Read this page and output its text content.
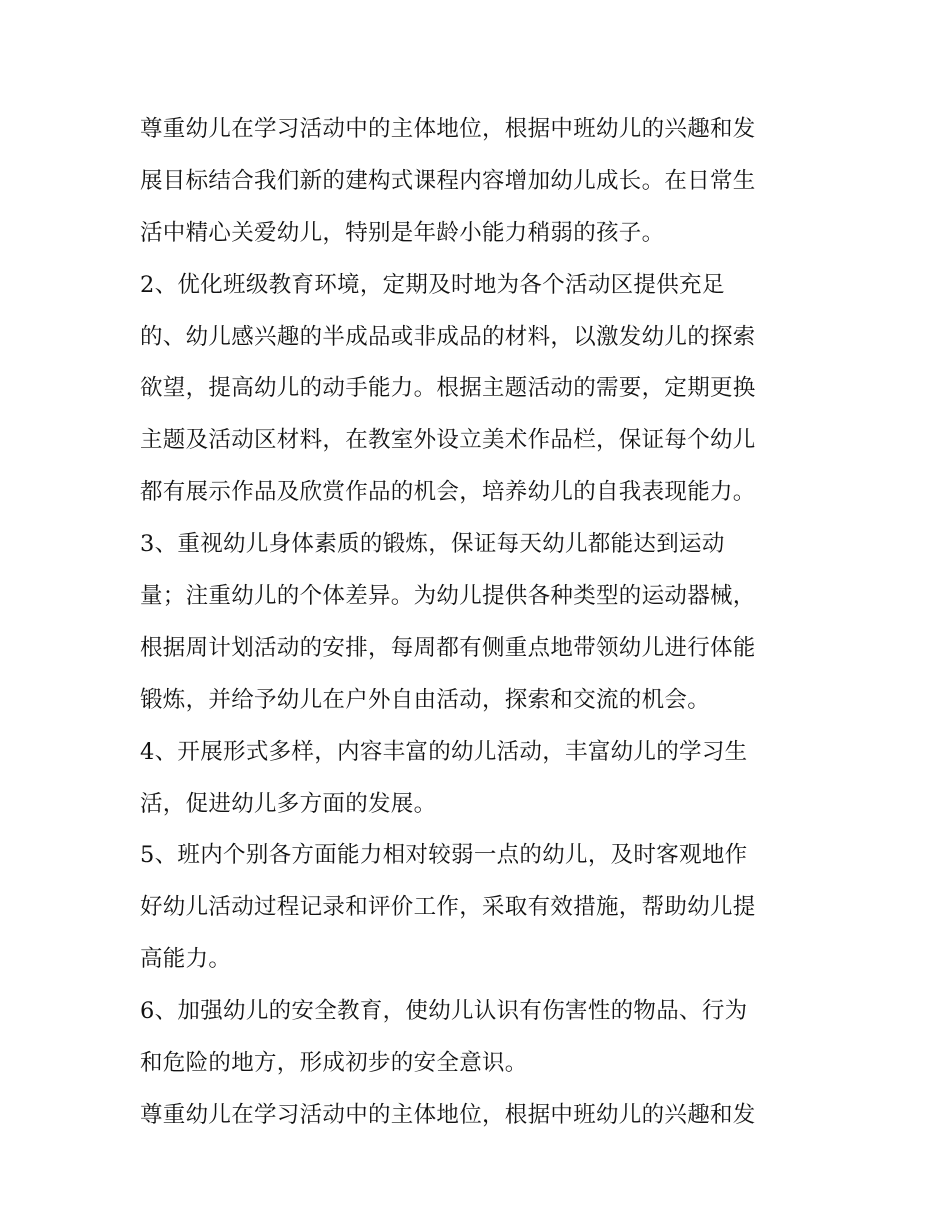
尊重幼儿在学习活动中的主体地位，根据中班幼儿的兴趣和发
展目标结合我们新的建构式课程内容增加幼儿成长。在日常生
活中精心关爱幼儿，特别是年龄小能力稍弱的孩子。
2、优化班级教育环境，定期及时地为各个活动区提供充足
的、幼儿感兴趣的半成品或非成品的材料，以激发幼儿的探索
欲望，提高幼儿的动手能力。根据主题活动的需要，定期更换
主题及活动区材料，在教室外设立美术作品栏，保证每个幼儿
都有展示作品及欣赏作品的机会，培养幼儿的自我表现能力。
3、重视幼儿身体素质的锻炼，保证每天幼儿都能达到运动
量；注重幼儿的个体差异。为幼儿提供各种类型的运动器械，
根据周计划活动的安排，每周都有侧重点地带领幼儿进行体能
锻炼，并给予幼儿在户外自由活动，探索和交流的机会。
4、开展形式多样，内容丰富的幼儿活动，丰富幼儿的学习生
活，促进幼儿多方面的发展。
5、班内个别各方面能力相对较弱一点的幼儿，及时客观地作
好幼儿活动过程记录和评价工作，采取有效措施，帮助幼儿提
高能力。
6、加强幼儿的安全教育，使幼儿认识有伤害性的物品、行为
和危险的地方，形成初步的安全意识。
尊重幼儿在学习活动中的主体地位，根据中班幼儿的兴趣和发
